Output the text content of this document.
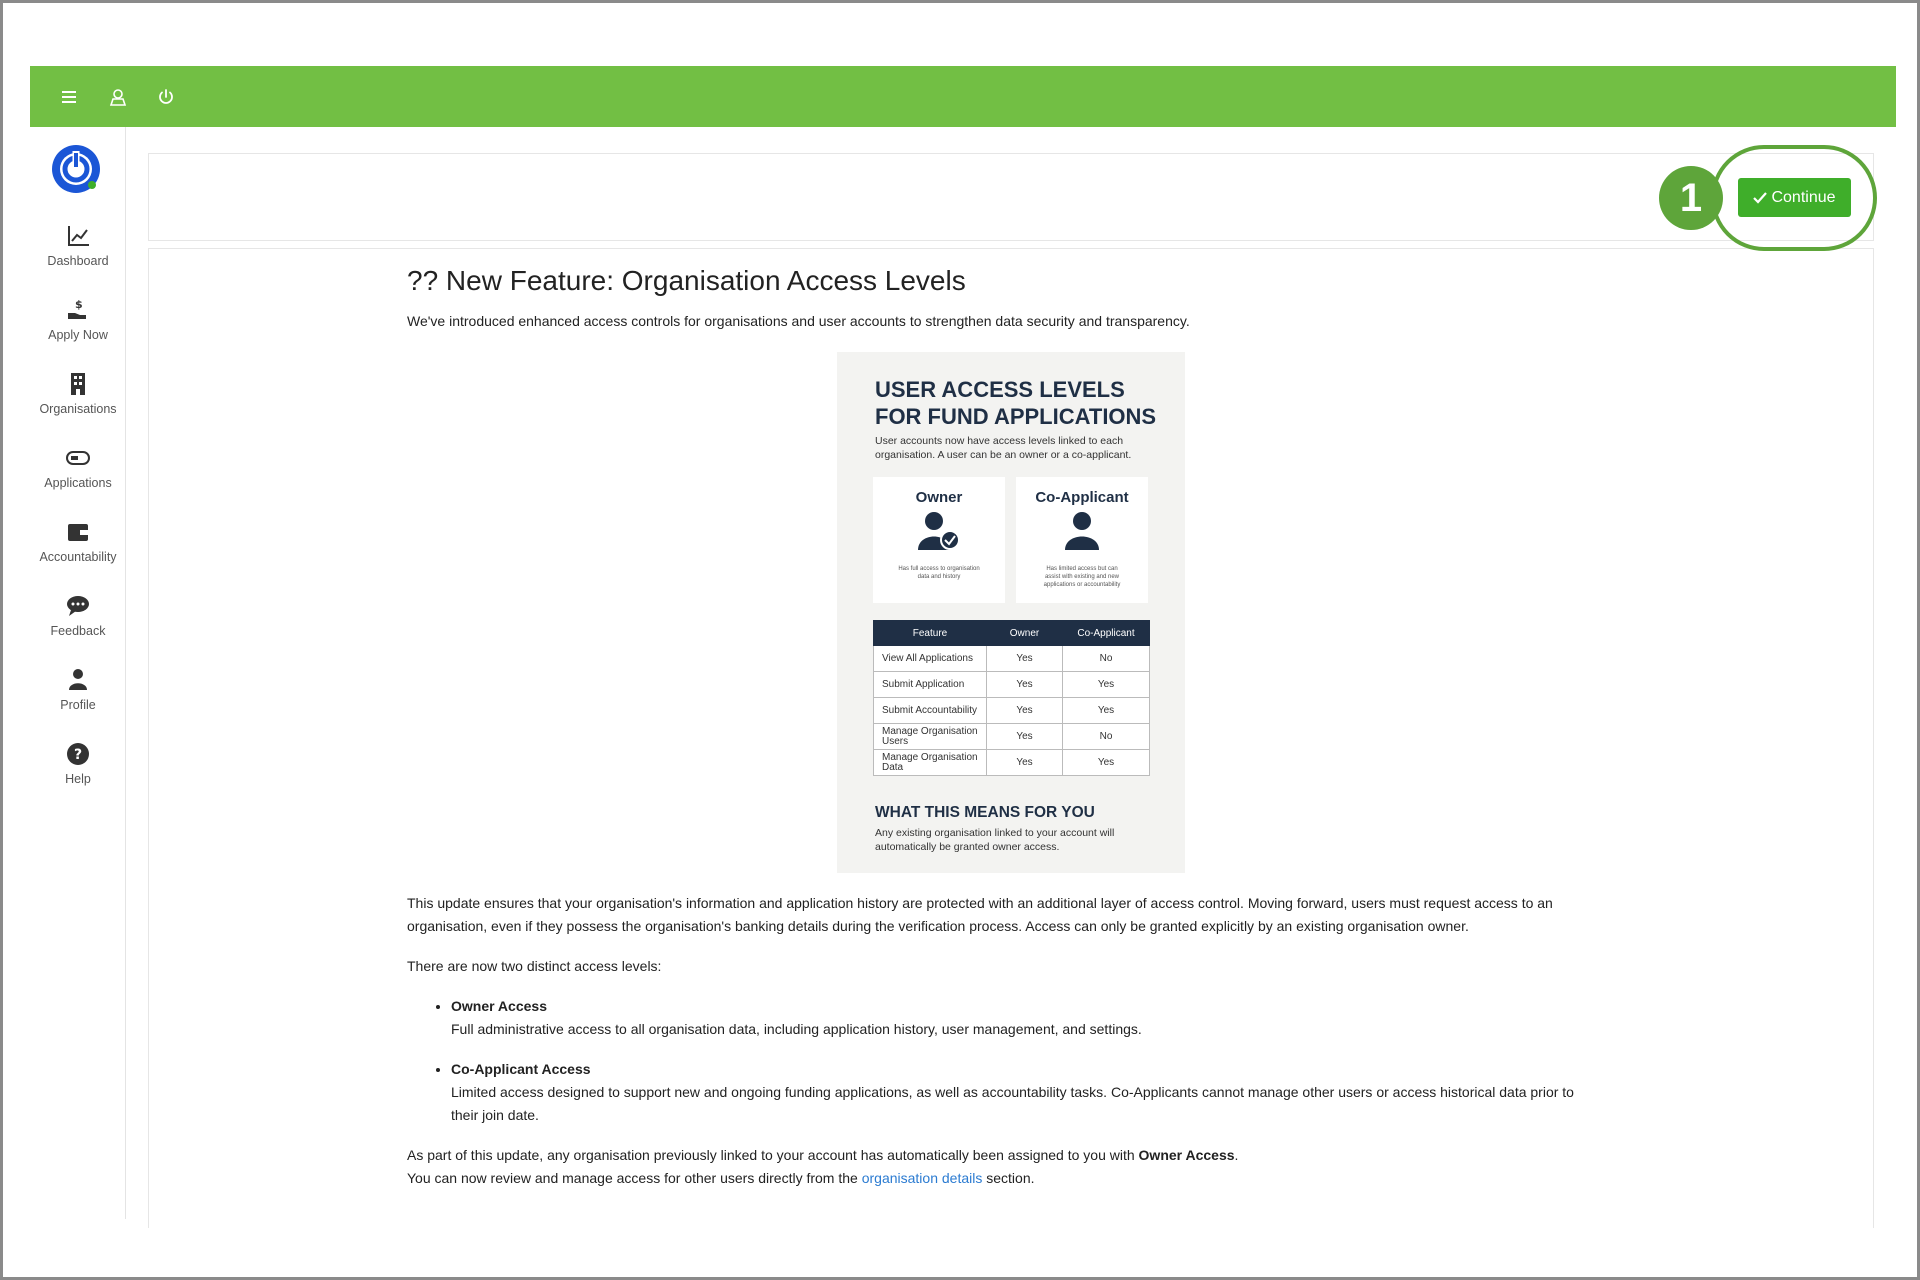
Dashboard
$
Apply Now
Organisations
Applications
Accountability
Feedback
Profile
?
Help
1	Continue
?? New Feature: Organisation Access Levels

We've introduced enhanced access controls for organisations and user accounts to strengthen data security and transparency.

USER ACCESS LEVELS
FOR FUND APPLICATIONS
User accounts now have access levels linked to each organisation. A user can be an owner or a co-applicant.
Owner
Has full access to organisation data and history
Co-Applicant
Has limited access but can assist with existing and new applications or accountability
Feature	Owner	Co-Applicant
View All Applications	Yes	No
Submit Application	Yes	Yes
Submit Accountability	Yes	Yes
Manage Organisation Users	Yes	No
Manage Organisation Data	Yes	Yes
WHAT THIS MEANS FOR YOU
Any existing organisation linked to your account will automatically be granted owner access.

This update ensures that your organisation's information and application history are protected with an additional layer of access control. Moving forward, users must request access to an organisation, even if they possess the organisation's banking details during the verification process. Access can only be granted explicitly by an existing organisation owner.

There are now two distinct access levels:

• Owner Access
Full administrative access to all organisation data, including application history, user management, and settings.
• Co-Applicant Access
Limited access designed to support new and ongoing funding applications, as well as accountability tasks. Co-Applicants cannot manage other users or access historical data prior to their join date.

As part of this update, any organisation previously linked to your account has automatically been assigned to you with Owner Access.
You can now review and manage access for other users directly from the organisation details section.
